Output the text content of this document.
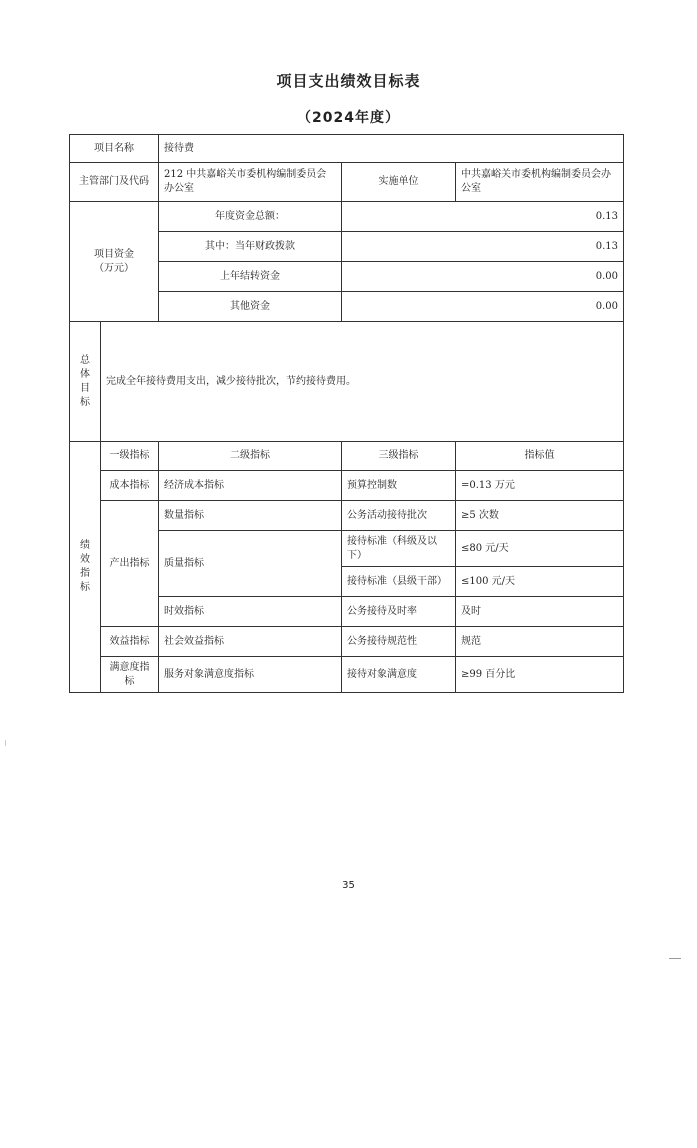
项目支出绩效目标表
（2024年度）
项目名称		接待费		
主管部门及代码		212 中共嘉峪关市委机构编制委员会办公室	实施单位	中共嘉峪关市委机构编制委员会办公室

项目资金
（万元）		年度资金总额：	0.13	
		其中：当年财政拨款	0.13	
		上年结转资金	0.00	
		其他资金	0.00	

总
体
目
标	完成全年接待费用支出，减少接待批次，节约接待费用。			

绩
效
指
标	一级指标	二级指标	三级指标	指标值
	成本指标	经济成本指标	预算控制数	=0.13 万元
	产出指标	数量指标	公务活动接待批次	≥5 次数
		质量指标	接待标准（科级及以下）	≤80 元/天
			接待标准（县级干部）	≤100 元/天
		时效指标	公务接待及时率	及时
	效益指标	社会效益指标	公务接待规范性	规范
	满意度指标	服务对象满意度指标	接待对象满意度	≥99 百分比
35
